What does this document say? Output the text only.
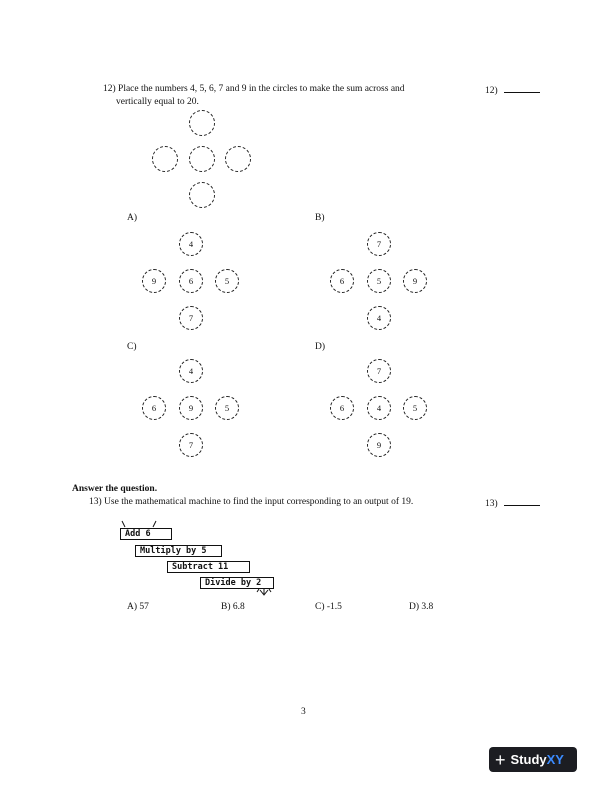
12) Place the numbers 4, 5, 6, 7 and 9 in the circles to make the sum across and
vertically equal to 20.
12)
A)
4
9	6	5
7
B)
7
6	5	9
4
C)
4
6	9	5
7
D)
7
6	4	5
9
Answer the question.
13) Use the mathematical machine to find the input corresponding to an output of 19.	13)
Add 6
Multiply by 5
Subtract 11
Divide by 2
A) 57	B) 6.8	C) -1.5	D) 3.8
3
+ Study XY
